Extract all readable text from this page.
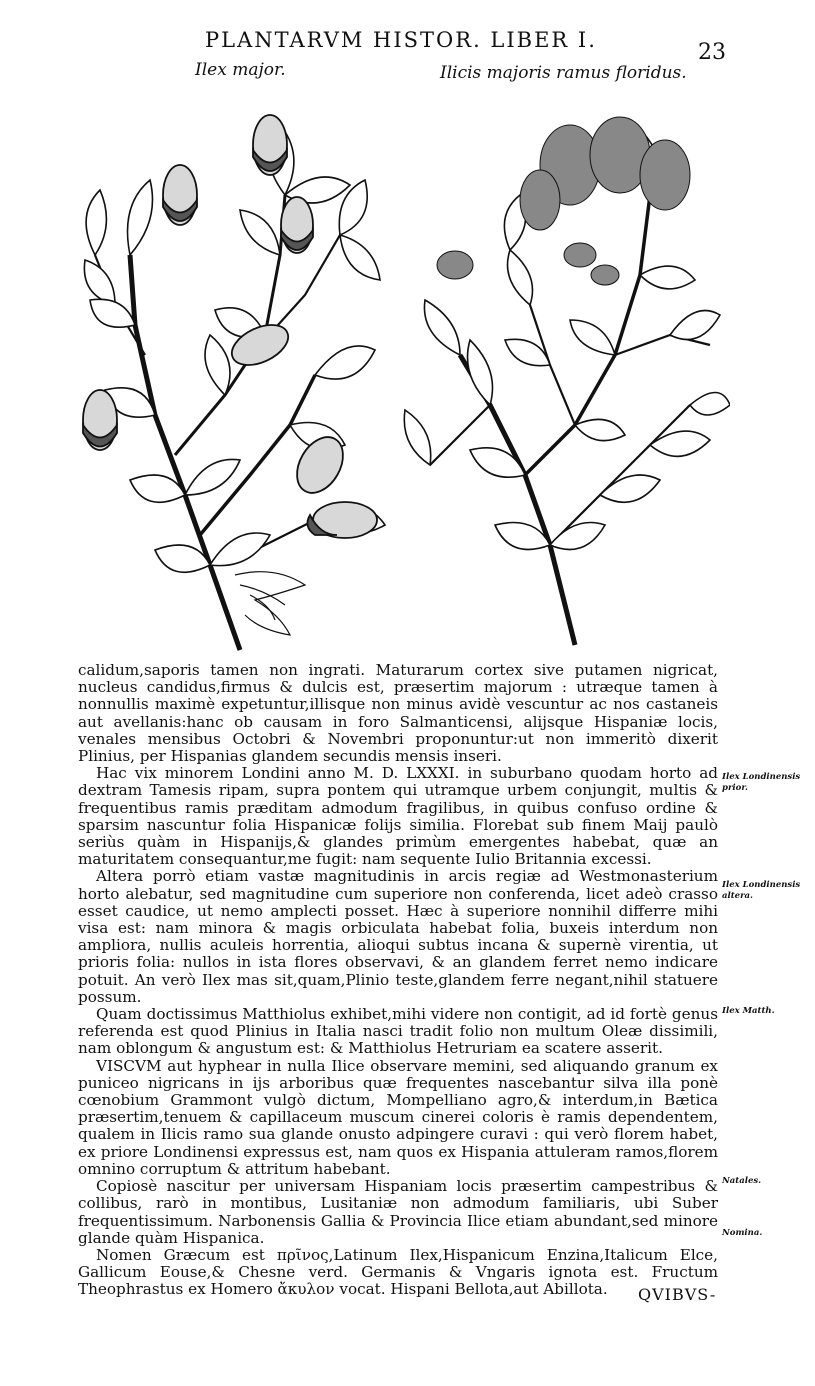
PLANTARVM HISTOR. LIBER I.	23
Ilex major.	Ilicis majoris ramus floridus.

calidum,saporis tamen non ingrati. Maturarum cortex sive putamen nigricat, nucleus candidus,firmus & dulcis est, præsertim majorum : utræque tamen à nonnullis maximè expetuntur,illisque non minus avidè vescuntur ac nos castaneis aut avellanis:hanc ob causam in foro Salmanticensi, alijsque Hispaniæ locis, venales mensibus Octobri & Novembri proponuntur:ut non immeritò dixerit Plinius, per Hispanias glandem secundis mensis inseri.

Hac vix minorem Londini anno M. D. LXXXI. in suburbano quodam horto ad dextram Tamesis ripam, supra pontem qui utramque urbem conjungit, multis & frequentibus ramis præditam admodum fragilibus, in quibus confuso ordine & sparsim nascuntur folia Hispanicæ folijs similia. Florebat sub finem Maij paulò seriùs quàm in Hispanijs,& glandes primùm emergentes habebat, quæ an maturitatem consequantur,me fugit: nam sequente Iulio Britannia excessi.

Altera porrò etiam vastæ magnitudinis in arcis regiæ ad Westmonasterium horto alebatur, sed magnitudine cum superiore non conferenda, licet adeò crasso esset caudice, ut nemo amplecti posset. Hæc à superiore nonnihil differre mihi visa est: nam minora & magis orbiculata habebat folia, buxeis interdum non ampliora, nullis aculeis horrentia, alioqui subtus incana & supernè virentia, ut prioris folia: nullos in ista flores observavi, & an glandem ferret nemo indicare potuit. An verò Ilex mas sit,quam,Plinio teste,glandem ferre negant,nihil statuere possum.

Quam doctissimus Matthiolus exhibet,mihi videre non contigit, ad id fortè genus referenda est quod Plinius in Italia nasci tradit folio non multum Oleæ dissimili, nam oblongum & angustum est: & Matthiolus Hetruriam ea scatere asserit.

VISCVM aut hyphear in nulla Ilice observare memini, sed aliquando granum ex puniceo nigricans in ijs arboribus quæ frequentes nascebantur silva illa ponè cœnobium Grammont vulgò dictum, Mompelliano agro,& interdum,in Bætica præsertim,tenuem & capillaceum muscum cinerei coloris è ramis dependentem, qualem in Ilicis ramo sua glande onusto adpingere curavi : qui verò florem habet, ex priore Londinensi expressus est, nam quos ex Hispania attuleram ramos,florem omnino corruptum & attritum habebant.

Copiosè nascitur per universam Hispaniam locis præsertim campestribus & collibus, rarò in montibus, Lusitaniæ non admodum familiaris, ubi Suber frequentissimum. Narbonensis Gallia & Provincia Ilice etiam abundant,sed minore glande quàm Hispanica.

Nomen Græcum est πρῖνος,Latinum Ilex,Hispanicum Enzina,Italicum Elce, Gallicum Eouse,& Chesne verd. Germanis & Vngaris ignota est. Fructum Theophrastus ex Homero ἄκυλον vocat. Hispani Bellota,aut Abillota.

Ilex Londinensis prior.
Ilex Londinensis altera.
Ilex Matth.
Natales.
Nomina.
QVIBVS-
